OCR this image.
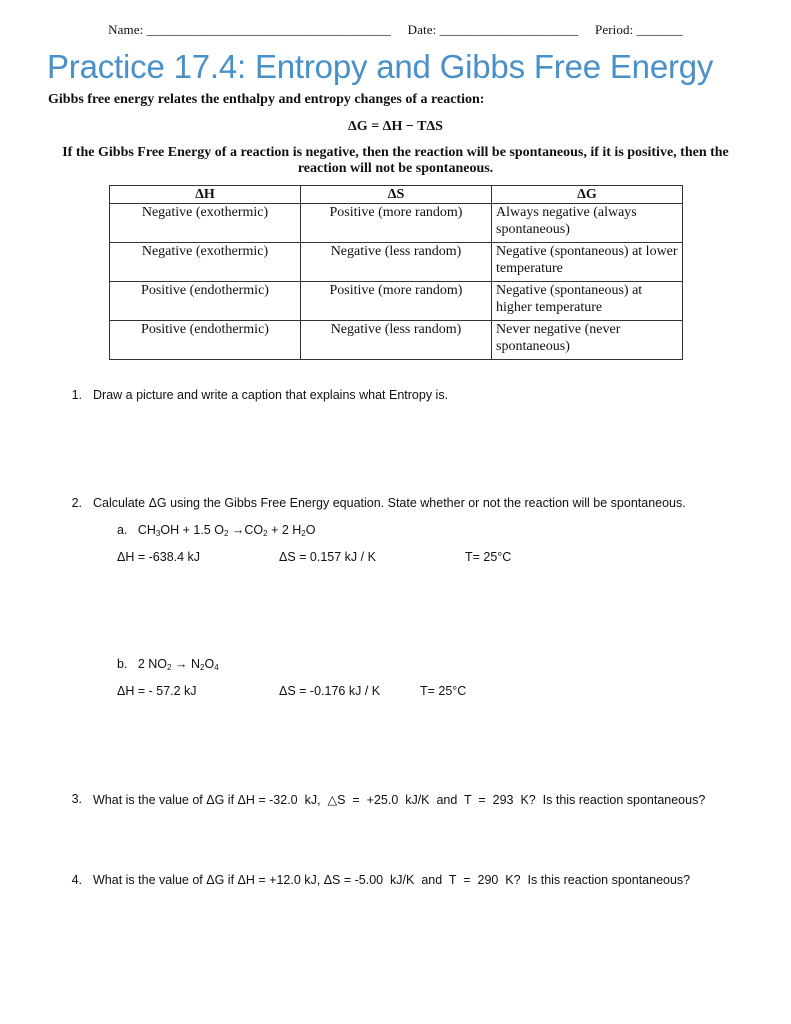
Name: _____________________________________ Date: _____________________ Period: _______
Practice 17.4: Entropy and Gibbs Free Energy
Gibbs free energy relates the enthalpy and entropy changes of a reaction:
ΔG = ΔH − TΔS
If the Gibbs Free Energy of a reaction is negative, then the reaction will be spontaneous, if it is positive, then the reaction will not be spontaneous.
ΔH	ΔS	ΔG
Negative (exothermic)	Positive (more random)	Always negative (always spontaneous)
Negative (exothermic)	Negative (less random)	Negative (spontaneous) at lower temperature
Positive (endothermic)	Positive (more random)	Negative (spontaneous) at higher temperature
Positive (endothermic)	Negative (less random)	Never negative (never spontaneous)
1. Draw a picture and write a caption that explains what Entropy is.
2. Calculate ΔG using the Gibbs Free Energy equation. State whether or not the reaction will be spontaneous.
a. $CH_3OH + 1.5$ $O_2 \to CO_2 + 2$ $H_2O$
ΔH = -638.4 kJ	ΔS = 0.157 kJ / K	T= 25°C
b. 2 $NO_2 \to N_2O_4$
ΔH = - 57.2 kJ	ΔS = -0.176 kJ / K	T= 25°C
3. What is the value of ΔG if ΔH = -32.0  kJ,  △S  =  +25.0  kJ/K  and  T  =  293  K?  Is this reaction spontaneous?
4. What is the value of ΔG if ΔH = +12.0 kJ, ΔS = -5.00  kJ/K  and  T  =  290  K?  Is this reaction spontaneous?
